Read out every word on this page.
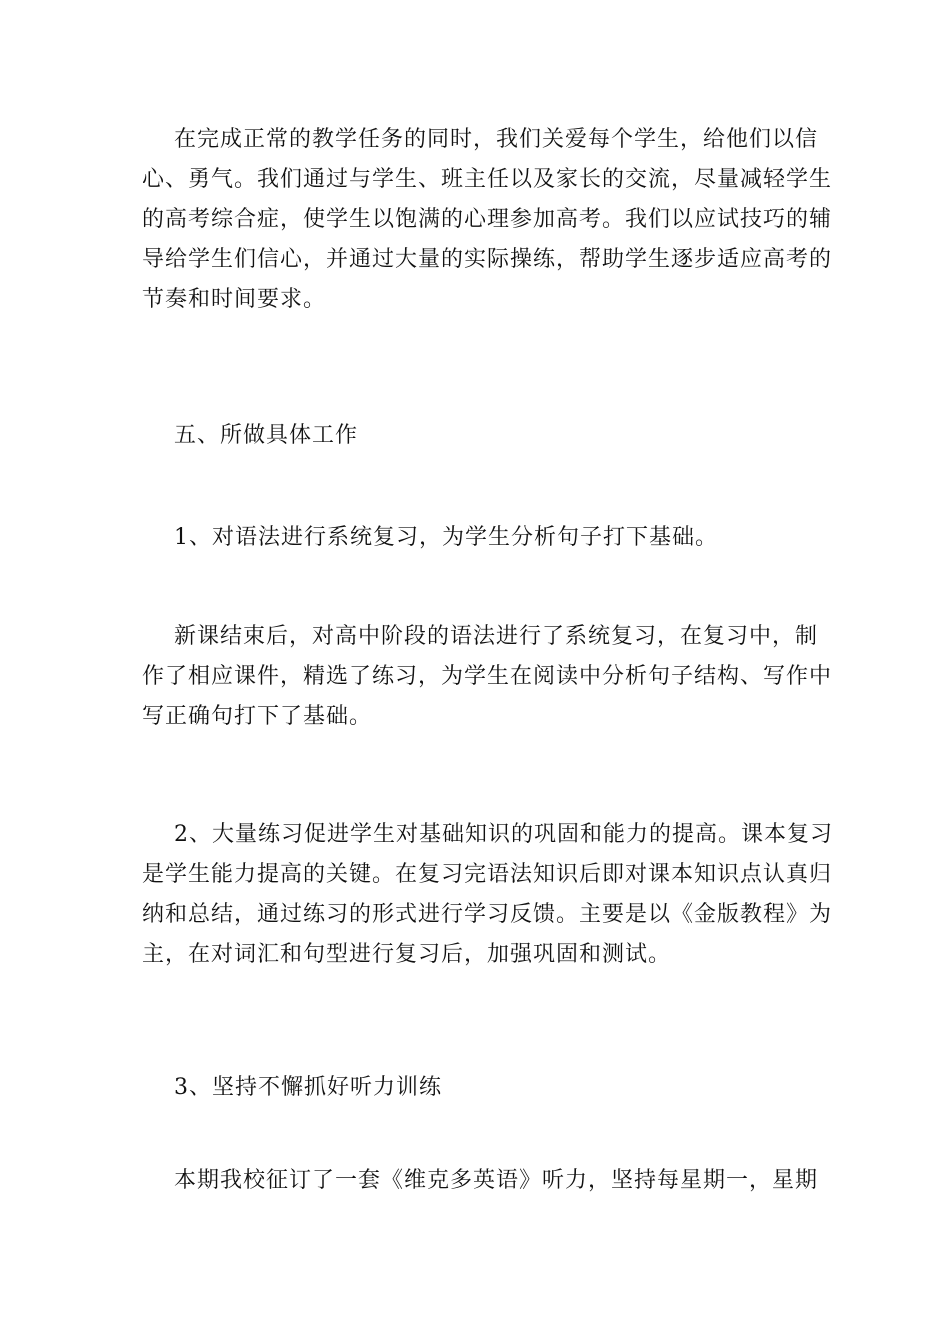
在完成正常的教学任务的同时，我们关爱每个学生，给他们以信
心、勇气。我们通过与学生、班主任以及家长的交流，尽量减轻学生
的高考综合症，使学生以饱满的心理参加高考。我们以应试技巧的辅
导给学生们信心，并通过大量的实际操练，帮助学生逐步适应高考的
节奏和时间要求。
五、所做具体工作
1、对语法进行系统复习，为学生分析句子打下基础。
新课结束后，对高中阶段的语法进行了系统复习，在复习中，制
作了相应课件，精选了练习，为学生在阅读中分析句子结构、写作中
写正确句打下了基础。
2、大量练习促进学生对基础知识的巩固和能力的提高。课本复习
是学生能力提高的关键。在复习完语法知识后即对课本知识点认真归
纳和总结，通过练习的形式进行学习反馈。主要是以《金版教程》为
主，在对词汇和句型进行复习后，加强巩固和测试。
3、坚持不懈抓好听力训练
本期我校征订了一套《维克多英语》听力，坚持每星期一，星期
